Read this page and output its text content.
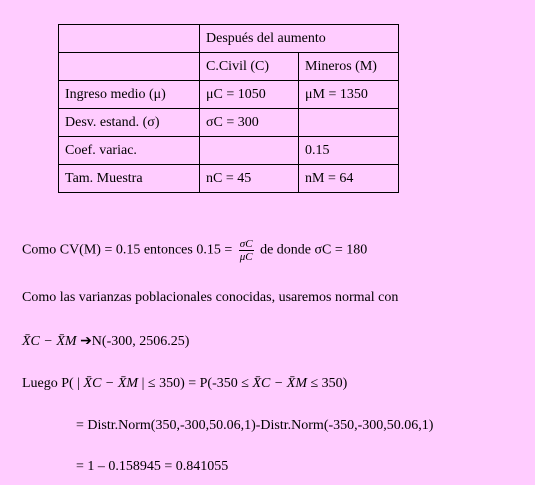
	Después del aumento	
	C.Civil (C)	Mineros (M)
Ingreso medio (μ)	μC = 1050	μM = 1350
Desv. estand. (σ)	σC = 300	
Coef. variac.		0.15
Tam. Muestra	nC = 45	nM = 64
Como CV(M) = 0.15 entonces $0.15 = \frac{\sigma C}{\mu C}$ de donde σC = 180
Como las varianzas poblacionales conocidas, usaremos normal con
X̄C − X̄M ➔N(-300, 2506.25)
Luego P( | X̄C − X̄M | ≤ 350) = P(-350 ≤ X̄C − X̄M ≤ 350)
= Distr.Norm(350,-300,50.06,1)-Distr.Norm(-350,-300,50.06,1)
= 1 – 0.158945 = 0.841055
